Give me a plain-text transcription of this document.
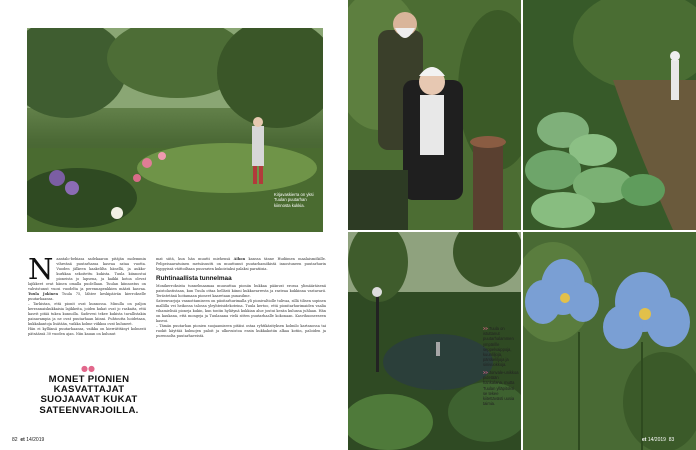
Kirjavaskierra on yksi Tuulan puutarhan kiinnosta kukkia.
N aantalo-bebiasa sadekaaron pitäjän molemmin vihreänä puutarhassa kasvaa sataa vuotta. Vuoden jälkeen kaakelilta hänellä, ja aukko-kurkkaa sekoitettu kukista. Tuula kiinnostui pioneista jo lapsena, ja kaikki kotoa olevat lajikkeet ovat hänen omalla puolellaan. Tuulan kiinnostus on vahvistunut vuosi vuodelta ja perennapenkkien määrä kasvaa. Tuula Jokinen Tuula 75, lähtee keskipäivän kierrokselle puutarhaansa.
– Tarkistan, että pionit ovat kunnossa. Minulla on paljon kerrannaiskukkaisia lajikkeita, joiden kukat ovat jo raskaita, että kasvit pitää tukea kunnolla. Sadevesi tekee kukista tavallistakin painavampia ja ne ovat puutarhaan kiinni. Puhtoutta hoidetaan, kukkakantoja lisätään, vaikka kolme viikkoa ovat kuluneet.
Hän ei kyllänsä puutarhaansa, vaikka on kierrätttänyt kolmesti pätsäässä 30 vuoden ajan. Niin kauan on kulunut
mat siitä, kun hän muutti miehensä Aihon kanssa tänne Hudiimen maalaismökille. Pelipeisaavatuinen metsäsuutti on muuttunut puutarhamökistä innostuneen puutarhurin hyppyissä väittoiltaan puuvarien kukoistaksi palaksi paratiisia.
Ruhtinaallista tunnelmaa
Monikerroksista tunnelmaamaa muusuttaa pioniin hukkaa päänvat erossa ylimääräisenä paistolastistaan, kun Tuula ottaa hellästi kiinni kukkavarresta ja rasteaa kukkinna vastavarii. Terästetänä hoitamaan pioneet kaaretaan punasilme.
Sateenvarjoja vannottamiseen on piioitarhurimalla yli pionivaltiolle tulivaa, sillä tilisen sopinen mallilla vei heikossa talossa yleyhteisidekoteina. Tuula kertoo, että pionitarhurimaiden vaalia vihamielisiä pioneja kukin, kun tontin hylätynä kukkian alue joutui kesän kulunsa juhlaan. Hän on kaukana, että mongeja ja Tuulanana vielä sitten puutarhaalle kokonaan. Kasvihuoneeseen kasvoi.
– Tämän puutarhan pionien suojaamiseen pitäisi ostaa ryhtikäsityksen kolmilo kartanossa tai ruokit käyttää kulmojen paloit ja ulkovuistoa ensin kukkakotiin alkaa kotiin, paloiden ja purennolta puutarhaveistä.
●●
MONET PIONIEN KASVATTAJAT SUOJAAVAT KUKAT SATEENVARJOILLA.
82 et 14/2019
>> Tuula on istuttanut puutarhalammen ympärille seppelvaippoja, kuunliljoja, pärskeliljoja ja sinivuokkoja.
>> Jonvale-unikkoa pidetään hankalana, mutta Tuulan ylläpitoksi se tekee kiitettävästi uusia taimia.
et 14/2019 83
